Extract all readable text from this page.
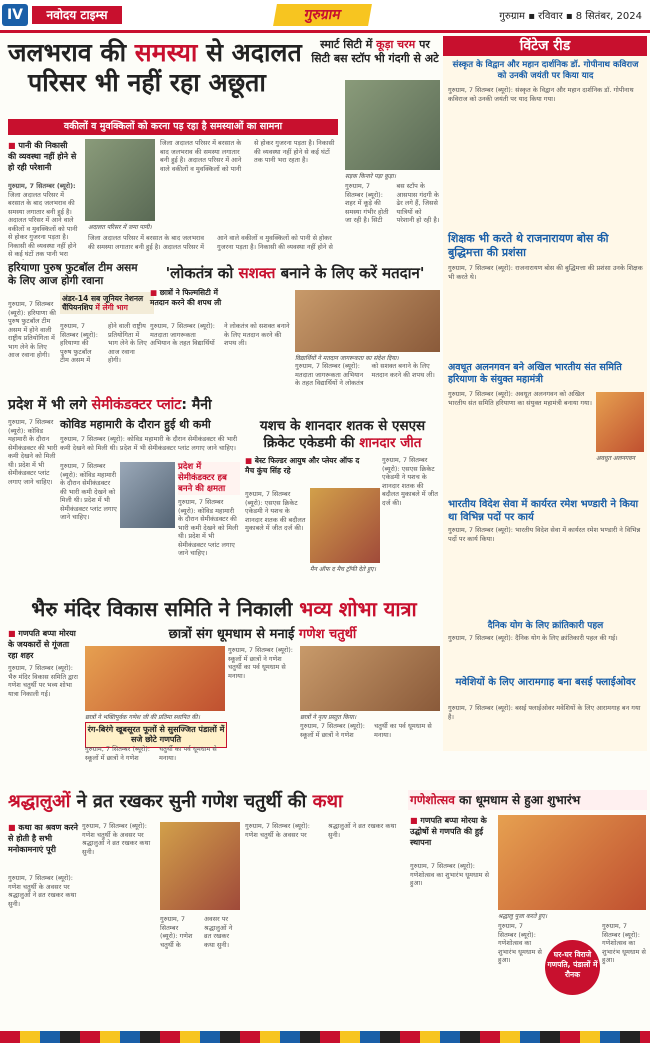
IV	नवोदय टाइम्स	गुरुग्राम	गुरुग्राम ▪ रविवार ▪ 8 सितंबर, 2024
जलभराव की समस्या से अदालत
परिसर भी नहीं रहा अछूता
वकीलों व मुवक्किलों को करना पड़ रहा है समस्याओं का सामना
■ पानी की निकासी की व्यवस्था नहीं होने से हो रही परेशानी
गुरुग्राम, 7 सितम्बर (ब्यूरो): जिला अदालत परिसर में बरसात के बाद जलभराव की समस्या लगातार बनी हुई है। अदालत परिसर में आने वाले वकीलों व मुवक्किलों को पानी से होकर गुजरना पड़ता है। निकासी की व्यवस्था नहीं होने से कई घंटों तक पानी भरा
जिला अदालत परिसर में बरसात के बाद जलभराव की समस्या लगातार बनी हुई है। अदालत परिसर में आने वाले वकीलों व मुवक्किलों को पानी से होकर गुजरना पड़ता है। निकासी की व्यवस्था नहीं होने से कई घंटों तक पानी भरा रहता है।
अदालत परिसर में जमा पानी।
जिला अदालत परिसर में बरसात के बाद जलभराव की समस्या लगातार बनी हुई है। अदालत परिसर में आने वाले वकीलों व मुवक्किलों को पानी से होकर गुजरना पड़ता है। निकासी की व्यवस्था नहीं होने से
स्मार्ट सिटी में कूड़ा चरम पर सिटी बस स्टॉप भी गंदगी से अटे
सड़क किनारे पड़ा कूड़ा।
गुरुग्राम, 7 सितम्बर (ब्यूरो): शहर में कूड़े की समस्या गंभीर होती जा रही है। सिटी बस स्टॉप के आसपास गंदगी के ढेर लगे हैं, जिससे यात्रियों को परेशानी हो रही है।
हरियाणा पुरुष फुटबॉल टीम असम के लिए आज होगी रवाना
अंडर-14 सब जूनियर नेशनल चैंपियनशिप में लेगी भाग
गुरुग्राम, 7 सितम्बर (ब्यूरो): हरियाणा की पुरुष फुटबॉल टीम असम में होने वाली राष्ट्रीय प्रतियोगिता में भाग लेने के लिए आज रवाना होगी।
गुरुग्राम, 7 सितम्बर (ब्यूरो): हरियाणा की पुरुष फुटबॉल टीम असम में होने वाली राष्ट्रीय प्रतियोगिता में भाग लेने के लिए आज रवाना होगी।
'लोकतंत्र को सशक्त बनाने के लिए करें मतदान'
■ छात्रों ने फिल्मसिटी में मतदान करने की शपथ ली
गुरुग्राम, 7 सितम्बर (ब्यूरो): मतदाता जागरूकता अभियान के तहत विद्यार्थियों ने लोकतंत्र को सशक्त बनाने के लिए मतदान करने की शपथ ली।
विद्यार्थियों ने मतदान जागरूकता का संदेश दिया।
गुरुग्राम, 7 सितम्बर (ब्यूरो): मतदाता जागरूकता अभियान के तहत विद्यार्थियों ने लोकतंत्र को सशक्त बनाने के लिए मतदान करने की शपथ ली।
प्रदेश में भी लगे सेमीकंडक्टर प्लांट: मैनी
कोविड महामारी के दौरान हुई थी कमी
गुरुग्राम, 7 सितम्बर (ब्यूरो): कोविड महामारी के दौरान सेमीकंडक्टर की भारी कमी देखने को मिली थी। प्रदेश में भी सेमीकंडक्टर प्लांट लगाए जाने चाहिए।
गुरुग्राम, 7 सितम्बर (ब्यूरो): कोविड महामारी के दौरान सेमीकंडक्टर की भारी कमी देखने को मिली थी। प्रदेश में भी सेमीकंडक्टर प्लांट लगाए जाने चाहिए।
गुरुग्राम, 7 सितम्बर (ब्यूरो): कोविड महामारी के दौरान सेमीकंडक्टर की भारी कमी देखने को मिली थी। प्रदेश में भी सेमीकंडक्टर प्लांट लगाए जाने चाहिए।
प्रदेश में सेमीकंडक्टर हब बनने की क्षमता
गुरुग्राम, 7 सितम्बर (ब्यूरो): कोविड महामारी के दौरान सेमीकंडक्टर की भारी कमी देखने को मिली थी। प्रदेश में भी सेमीकंडक्टर प्लांट लगाए जाने चाहिए।
यशच के शानदार शतक से एसएस
क्रिकेट एकेडमी की शानदार जीत
■ बेस्ट फिल्डर आयुष और प्लेयर ऑफ द मैच कुंच सिंह रहे
गुरुग्राम, 7 सितम्बर (ब्यूरो): एसएस क्रिकेट एकेडमी ने यशच के शानदार शतक की बदौलत मुकाबले में जीत दर्ज की।
मैन ऑफ द मैच ट्रॉफी देते हुए।
गुरुग्राम, 7 सितम्बर (ब्यूरो): एसएस क्रिकेट एकेडमी ने यशच के शानदार शतक की बदौलत मुकाबले में जीत दर्ज की।
भैरु मंदिर विकास समिति ने निकाली भव्य शोभा यात्रा
■ गणपति बप्पा मोरया के जयकारों से गूंजता रहा शहर
गुरुग्राम, 7 सितम्बर (ब्यूरो): भैरु मंदिर विकास समिति द्वारा गणेश चतुर्थी पर भव्य शोभा यात्रा निकाली गई।
छात्रों संग धूमधाम से मनाई गणेश चतुर्थी
छात्रों ने भक्तिपूर्वक गणेश जी की प्रतिमा स्थापित की।
गुरुग्राम, 7 सितम्बर (ब्यूरो): स्कूलों में छात्रों ने गणेश चतुर्थी का पर्व धूमधाम से मनाया।
छात्रों ने नृत्य प्रस्तुत किया।
रंग-बिरंगे खूबसूरत फूलों से सुसज्जित पंडालों में सजे छोटे गणपति
गुरुग्राम, 7 सितम्बर (ब्यूरो): स्कूलों में छात्रों ने गणेश चतुर्थी का पर्व धूमधाम से मनाया।
गुरुग्राम, 7 सितम्बर (ब्यूरो): स्कूलों में छात्रों ने गणेश चतुर्थी का पर्व धूमधाम से मनाया।
विंटेज रीड
संस्कृत के विद्वान और महान दार्शनिक डॉ. गोपीनाथ कविराज को उनकी जयंती पर किया याद
गुरुग्राम, 7 सितम्बर (ब्यूरो): संस्कृत के विद्वान और महान दार्शनिक डॉ. गोपीनाथ कविराज को उनकी जयंती पर याद किया गया।
शिक्षक भी करते थे राजनारायण बोस की बुद्धिमत्ता की प्रशंसा
गुरुग्राम, 7 सितम्बर (ब्यूरो): राजनारायण बोस की बुद्धिमत्ता की प्रशंसा उनके शिक्षक भी करते थे।
अवधूत अलनगवन बने अखिल भारतीय संत समिति हरियाणा के संयुक्त महामंत्री
गुरुग्राम, 7 सितम्बर (ब्यूरो): अवधूत अलनगवन को अखिल भारतीय संत समिति हरियाणा का संयुक्त महामंत्री बनाया गया।
अवधूत अलनगवन
भारतीय विदेश सेवा में कार्यरत रमेश भण्डारी ने किया था विभिन्न पदों पर कार्य
गुरुग्राम, 7 सितम्बर (ब्यूरो): भारतीय विदेश सेवा में कार्यरत रमेश भण्डारी ने विभिन्न पदों पर कार्य किया।
दैनिक योग के लिए क्रांतिकारी पहल
गुरुग्राम, 7 सितम्बर (ब्यूरो): दैनिक योग के लिए क्रांतिकारी पहल की गई।
मवेशियों के लिए आरामगाह बना बसई फ्लाईओवर
गुरुग्राम, 7 सितम्बर (ब्यूरो): बसई फ्लाईओवर मवेशियों के लिए आरामगाह बन गया है।
श्रद्धालुओं ने व्रत रखकर सुनी गणेश चतुर्थी की कथा
■ कथा का श्रवण करने से होती है सभी मनोकामनाएं पूरी
गुरुग्राम, 7 सितम्बर (ब्यूरो): गणेश चतुर्थी के अवसर पर श्रद्धालुओं ने व्रत रखकर कथा सुनी।
गुरुग्राम, 7 सितम्बर (ब्यूरो): गणेश चतुर्थी के अवसर पर श्रद्धालुओं ने व्रत रखकर कथा सुनी।
गुरुग्राम, 7 सितम्बर (ब्यूरो): गणेश चतुर्थी के अवसर पर श्रद्धालुओं ने व्रत रखकर कथा सुनी।
गुरुग्राम, 7 सितम्बर (ब्यूरो): गणेश चतुर्थी के अवसर पर श्रद्धालुओं ने व्रत रखकर कथा सुनी।
गणेशोत्सव का धूमधाम से हुआ शुभारंभ
■ गणपति बप्पा मोरया के उद्घोषों से गणपति की हुई स्थापना
गुरुग्राम, 7 सितम्बर (ब्यूरो): गणेशोत्सव का शुभारंभ धूमधाम से हुआ।
श्रद्धालु पूजा करते हुए।
घर-घर विराजे गणपति, पंडालों में रौनक
गुरुग्राम, 7 सितम्बर (ब्यूरो): गणेशोत्सव का शुभारंभ धूमधाम से हुआ।
गुरुग्राम, 7 सितम्बर (ब्यूरो): गणेशोत्सव का शुभारंभ धूमधाम से हुआ।
